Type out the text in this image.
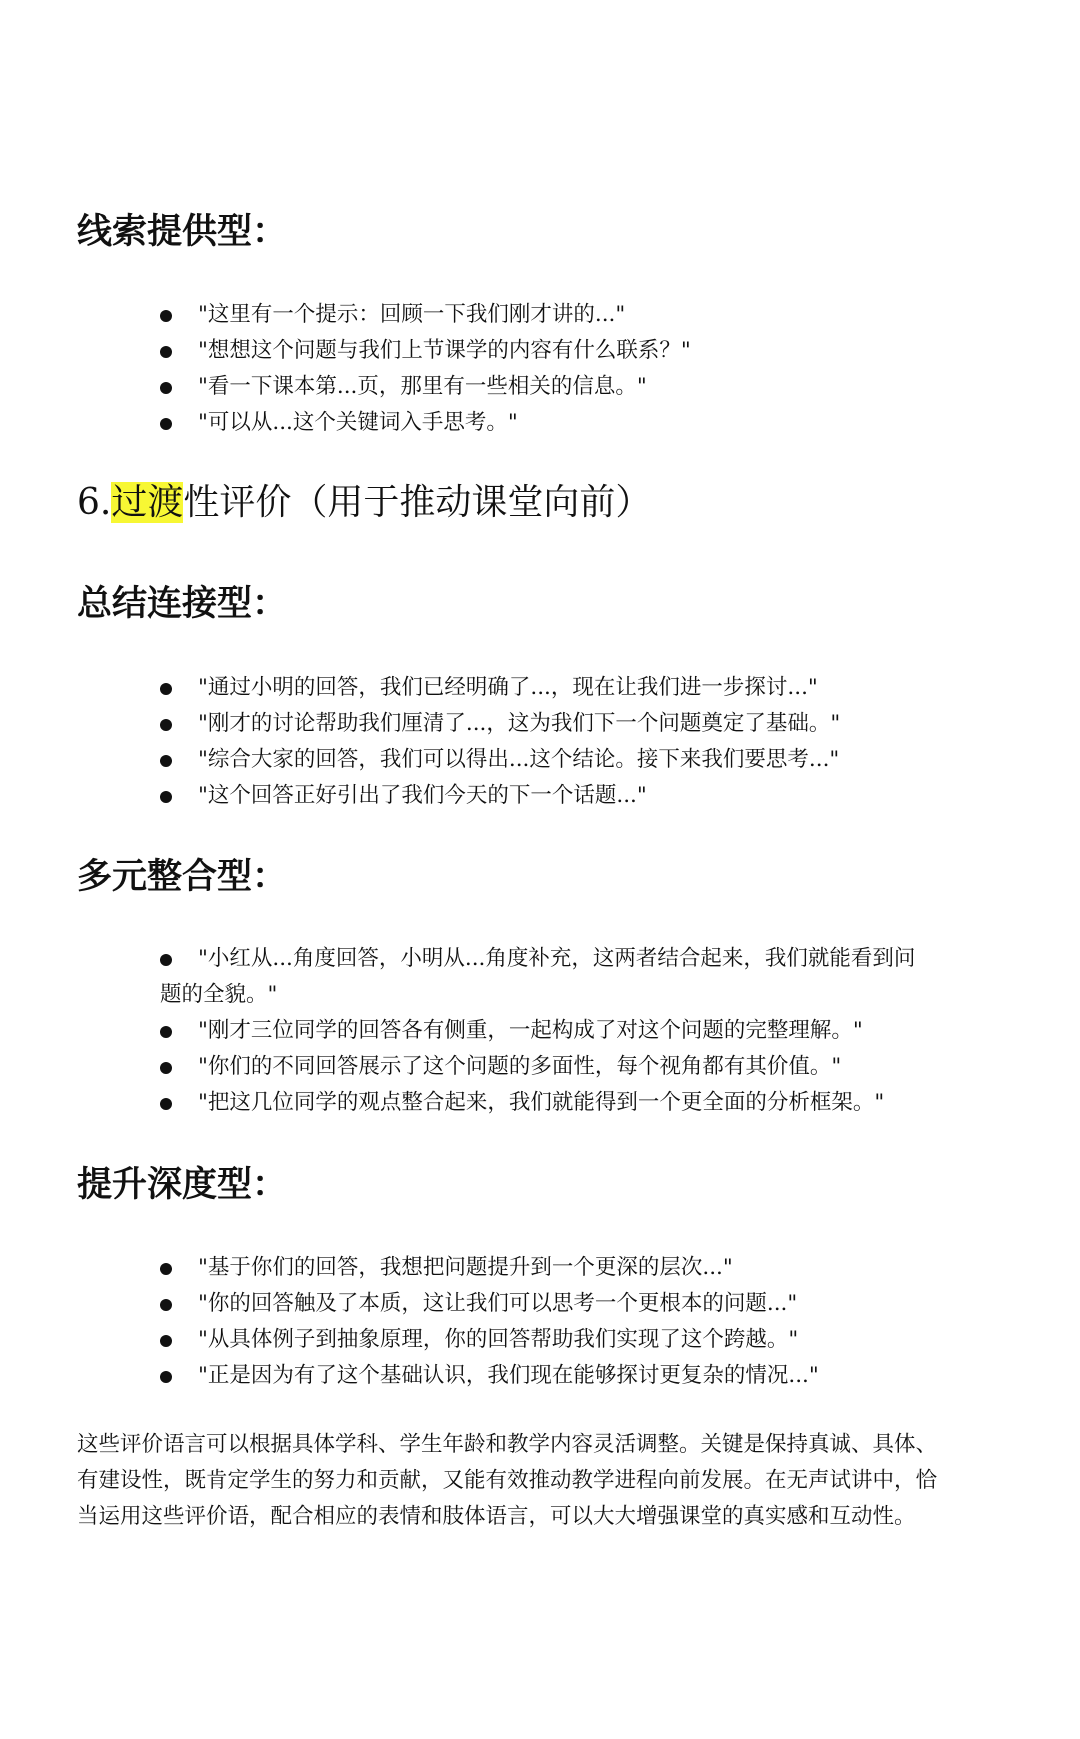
线索提供型：
"这里有一个提示：回顾一下我们刚才讲的..."
"想想这个问题与我们上节课学的内容有什么联系？"
"看一下课本第...页，那里有一些相关的信息。"
"可以从...这个关键词入手思考。"
6.过渡性评价（用于推动课堂向前）
总结连接型：
"通过小明的回答，我们已经明确了...，现在让我们进一步探讨..."
"刚才的讨论帮助我们厘清了...，这为我们下一个问题奠定了基础。"
"综合大家的回答，我们可以得出...这个结论。接下来我们要思考..."
"这个回答正好引出了我们今天的下一个话题..."
多元整合型：
"小红从...角度回答，小明从...角度补充，这两者结合起来，我们就能看到问
题的全貌。"
"刚才三位同学的回答各有侧重，一起构成了对这个问题的完整理解。"
"你们的不同回答展示了这个问题的多面性，每个视角都有其价值。"
"把这几位同学的观点整合起来，我们就能得到一个更全面的分析框架。"
提升深度型：
"基于你们的回答，我想把问题提升到一个更深的层次..."
"你的回答触及了本质，这让我们可以思考一个更根本的问题..."
"从具体例子到抽象原理，你的回答帮助我们实现了这个跨越。"
"正是因为有了这个基础认识，我们现在能够探讨更复杂的情况..."

这些评价语言可以根据具体学科、学生年龄和教学内容灵活调整。关键是保持真诚、具体、
有建设性，既肯定学生的努力和贡献，又能有效推动教学进程向前发展。在无声试讲中，恰
当运用这些评价语，配合相应的表情和肢体语言，可以大大增强课堂的真实感和互动性。
